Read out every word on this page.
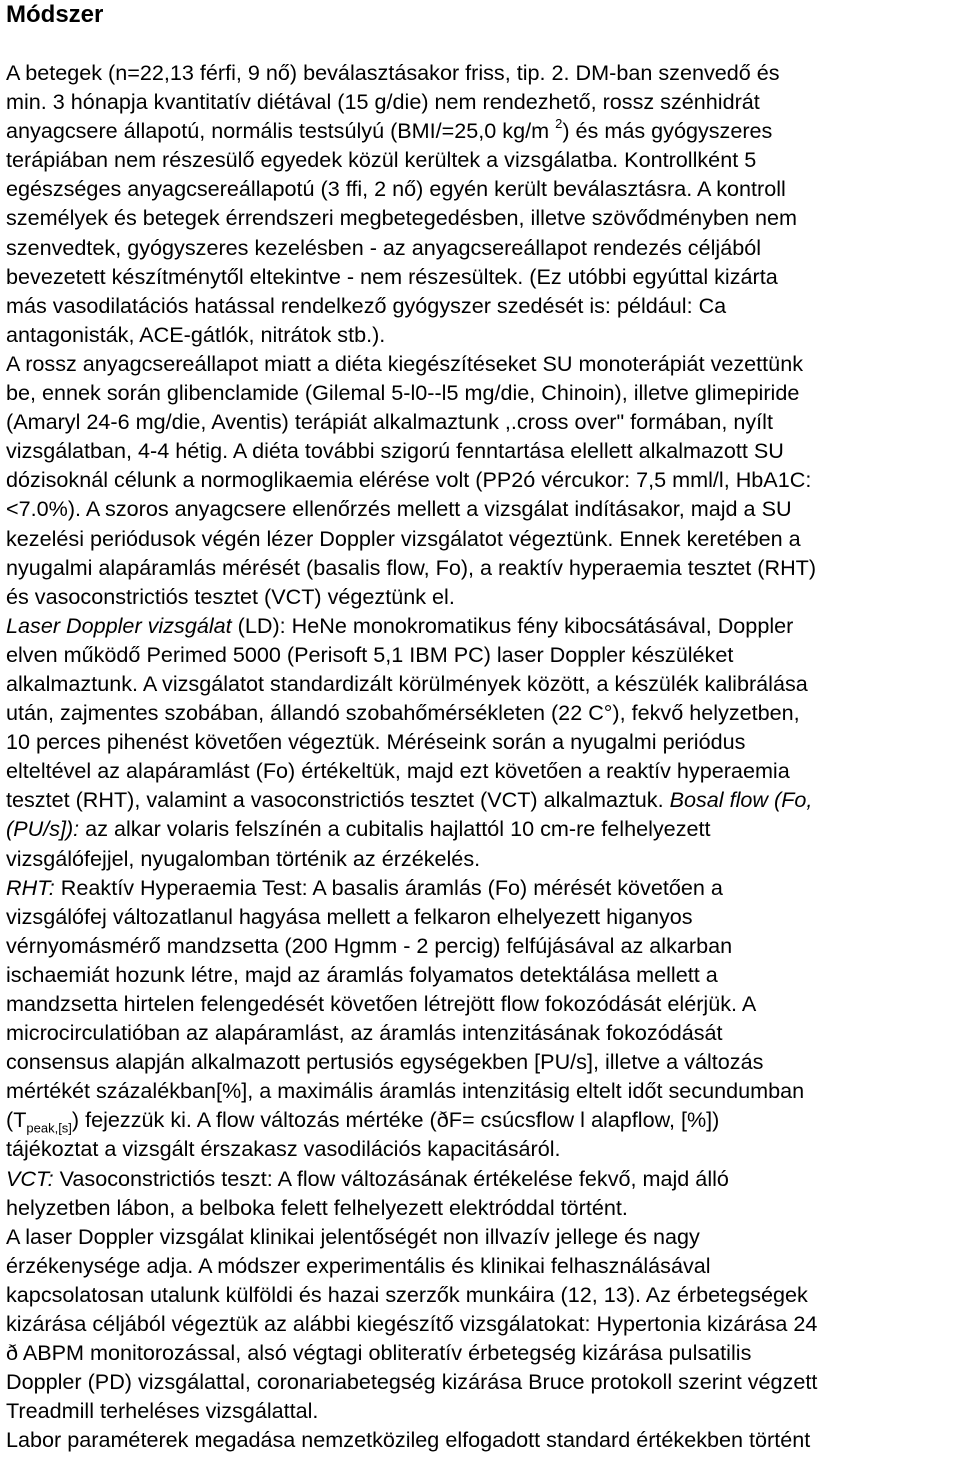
Módszer
A betegek (n=22,13 férfi, 9 nő) beválasztásakor friss, tip. 2. DM-ban szenvedő és
min. 3 hónapja kvantitatív diétával (15 g/die) nem rendezhető, rossz szénhidrát
anyagcsere állapotú, normális testsúlyú (BMI/=25,0 kg/m $^2$) és más gyógyszeres
terápiában nem részesülő egyedek közül kerültek a vizsgálatba. Kontrollként 5
egészséges anyagcsereállapotú (3 ffi, 2 nő) egyén került beválasztásra. A kontroll
személyek és betegek érrendszeri megbetegedésben, illetve szövődményben nem
szenvedtek, gyógyszeres kezelésben - az anyagcsereállapot rendezés céljából
bevezetett készítménytől eltekintve - nem részesültek. (Ez utóbbi egyúttal kizárta
más vasodilatációs hatással rendelkező gyógyszer szedését is: például: Ca
antagonisták, ACE-gátlók, nitrátok stb.).
A rossz anyagcsereállapot miatt a diéta kiegészítéseket SU monoterápiát vezettünk
be, ennek során glibenclamide (Gilemal 5-l0--l5 mg/die, Chinoin), illetve glimepiride
(Amaryl 24-6 mg/die, Aventis) terápiát alkalmaztunk ,.cross over" formában, nyílt
vizsgálatban, 4-4 hétig. A diéta további szigorú fenntartása elellett alkalmazott SU
dózisoknál célunk a normoglikaemia elérése volt (PP2ó vércukor: 7,5 mml/l, HbA1C:
<7.0%). A szoros anyagcsere ellenőrzés mellett a vizsgálat indításakor, majd a SU
kezelési periódusok végén lézer Doppler vizsgálatot végeztünk. Ennek keretében a
nyugalmi alapáramlás mérését (basalis flow, Fo), a reaktív hyperaemia tesztet (RHT)
és vasoconstrictiós tesztet (VCT) végeztünk el.
Laser Doppler vizsgálat (LD): HeNe monokromatikus fény kibocsátásával, Doppler
elven működő Perimed 5000 (Perisoft 5,1 IBM PC) laser Doppler készüléket
alkalmaztunk. A vizsgálatot standardizált körülmények között, a készülék kalibrálása
után, zajmentes szobában, állandó szobahőmérsékleten (22 C°), fekvő helyzetben,
10 perces pihenést követően végeztük. Méréseink során a nyugalmi periódus
elteltével az alapáramlást (Fo) értékeltük, majd ezt követően a reaktív hyperaemia
tesztet (RHT), valamint a vasoconstrictiós tesztet (VCT) alkalmaztuk. Bosal flow (Fo,
(PU/s]): az alkar volaris felszínén a cubitalis hajlattól 10 cm-re felhelyezett
vizsgálófejjel, nyugalomban történik az érzékelés.
RHT: Reaktív Hyperaemia Test: A basalis áramlás (Fo) mérését követően a
vizsgálófej változatlanul hagyása mellett a felkaron elhelyezett higanyos
vérnyomásmérő mandzsetta (200 Hgmm - 2 percig) felfújásával az alkarban
ischaemiát hozunk létre, majd az áramlás folyamatos detektálása mellett a
mandzsetta hirtelen felengedését követően létrejött flow fokozódását elérjük. A
microcirculatióban az alapáramlást, az áramlás intenzitásának fokozódását
consensus alapján alkalmazott pertusiós egységekben [PU/s], illetve a változás
mértékét százalékban[%], a maximális áramlás intenzitásig eltelt időt secundumban
$(T_{peak,[s]})$ fejezzük ki. A flow változás mértéke (ðF= csúcsflow l alapflow, [%])
tájékoztat a vizsgált érszakasz vasodilációs kapacitásáról.
VCT: Vasoconstrictiós teszt: A flow változásának értékelése fekvő, majd álló
helyzetben lábon, a belboka felett felhelyezett elektróddal történt.
A laser Doppler vizsgálat klinikai jelentőségét non illvazív jellege és nagy
érzékenysége adja. A módszer experimentális és klinikai felhasználásával
kapcsolatosan utalunk külföldi és hazai szerzők munkáira (12, 13). Az érbetegségek
kizárása céljából végeztük az alábbi kiegészítő vizsgálatokat: Hypertonia kizárása 24
ð ABPM monitorozással, alsó végtagi obliteratív érbetegség kizárása pulsatilis
Doppler (PD) vizsgálattal, coronariabetegség kizárása Bruce protokoll szerint végzett
Treadmill terheléses vizsgálattal.
Labor paraméterek megadása nemzetközileg elfogadott standard értékekben történt
